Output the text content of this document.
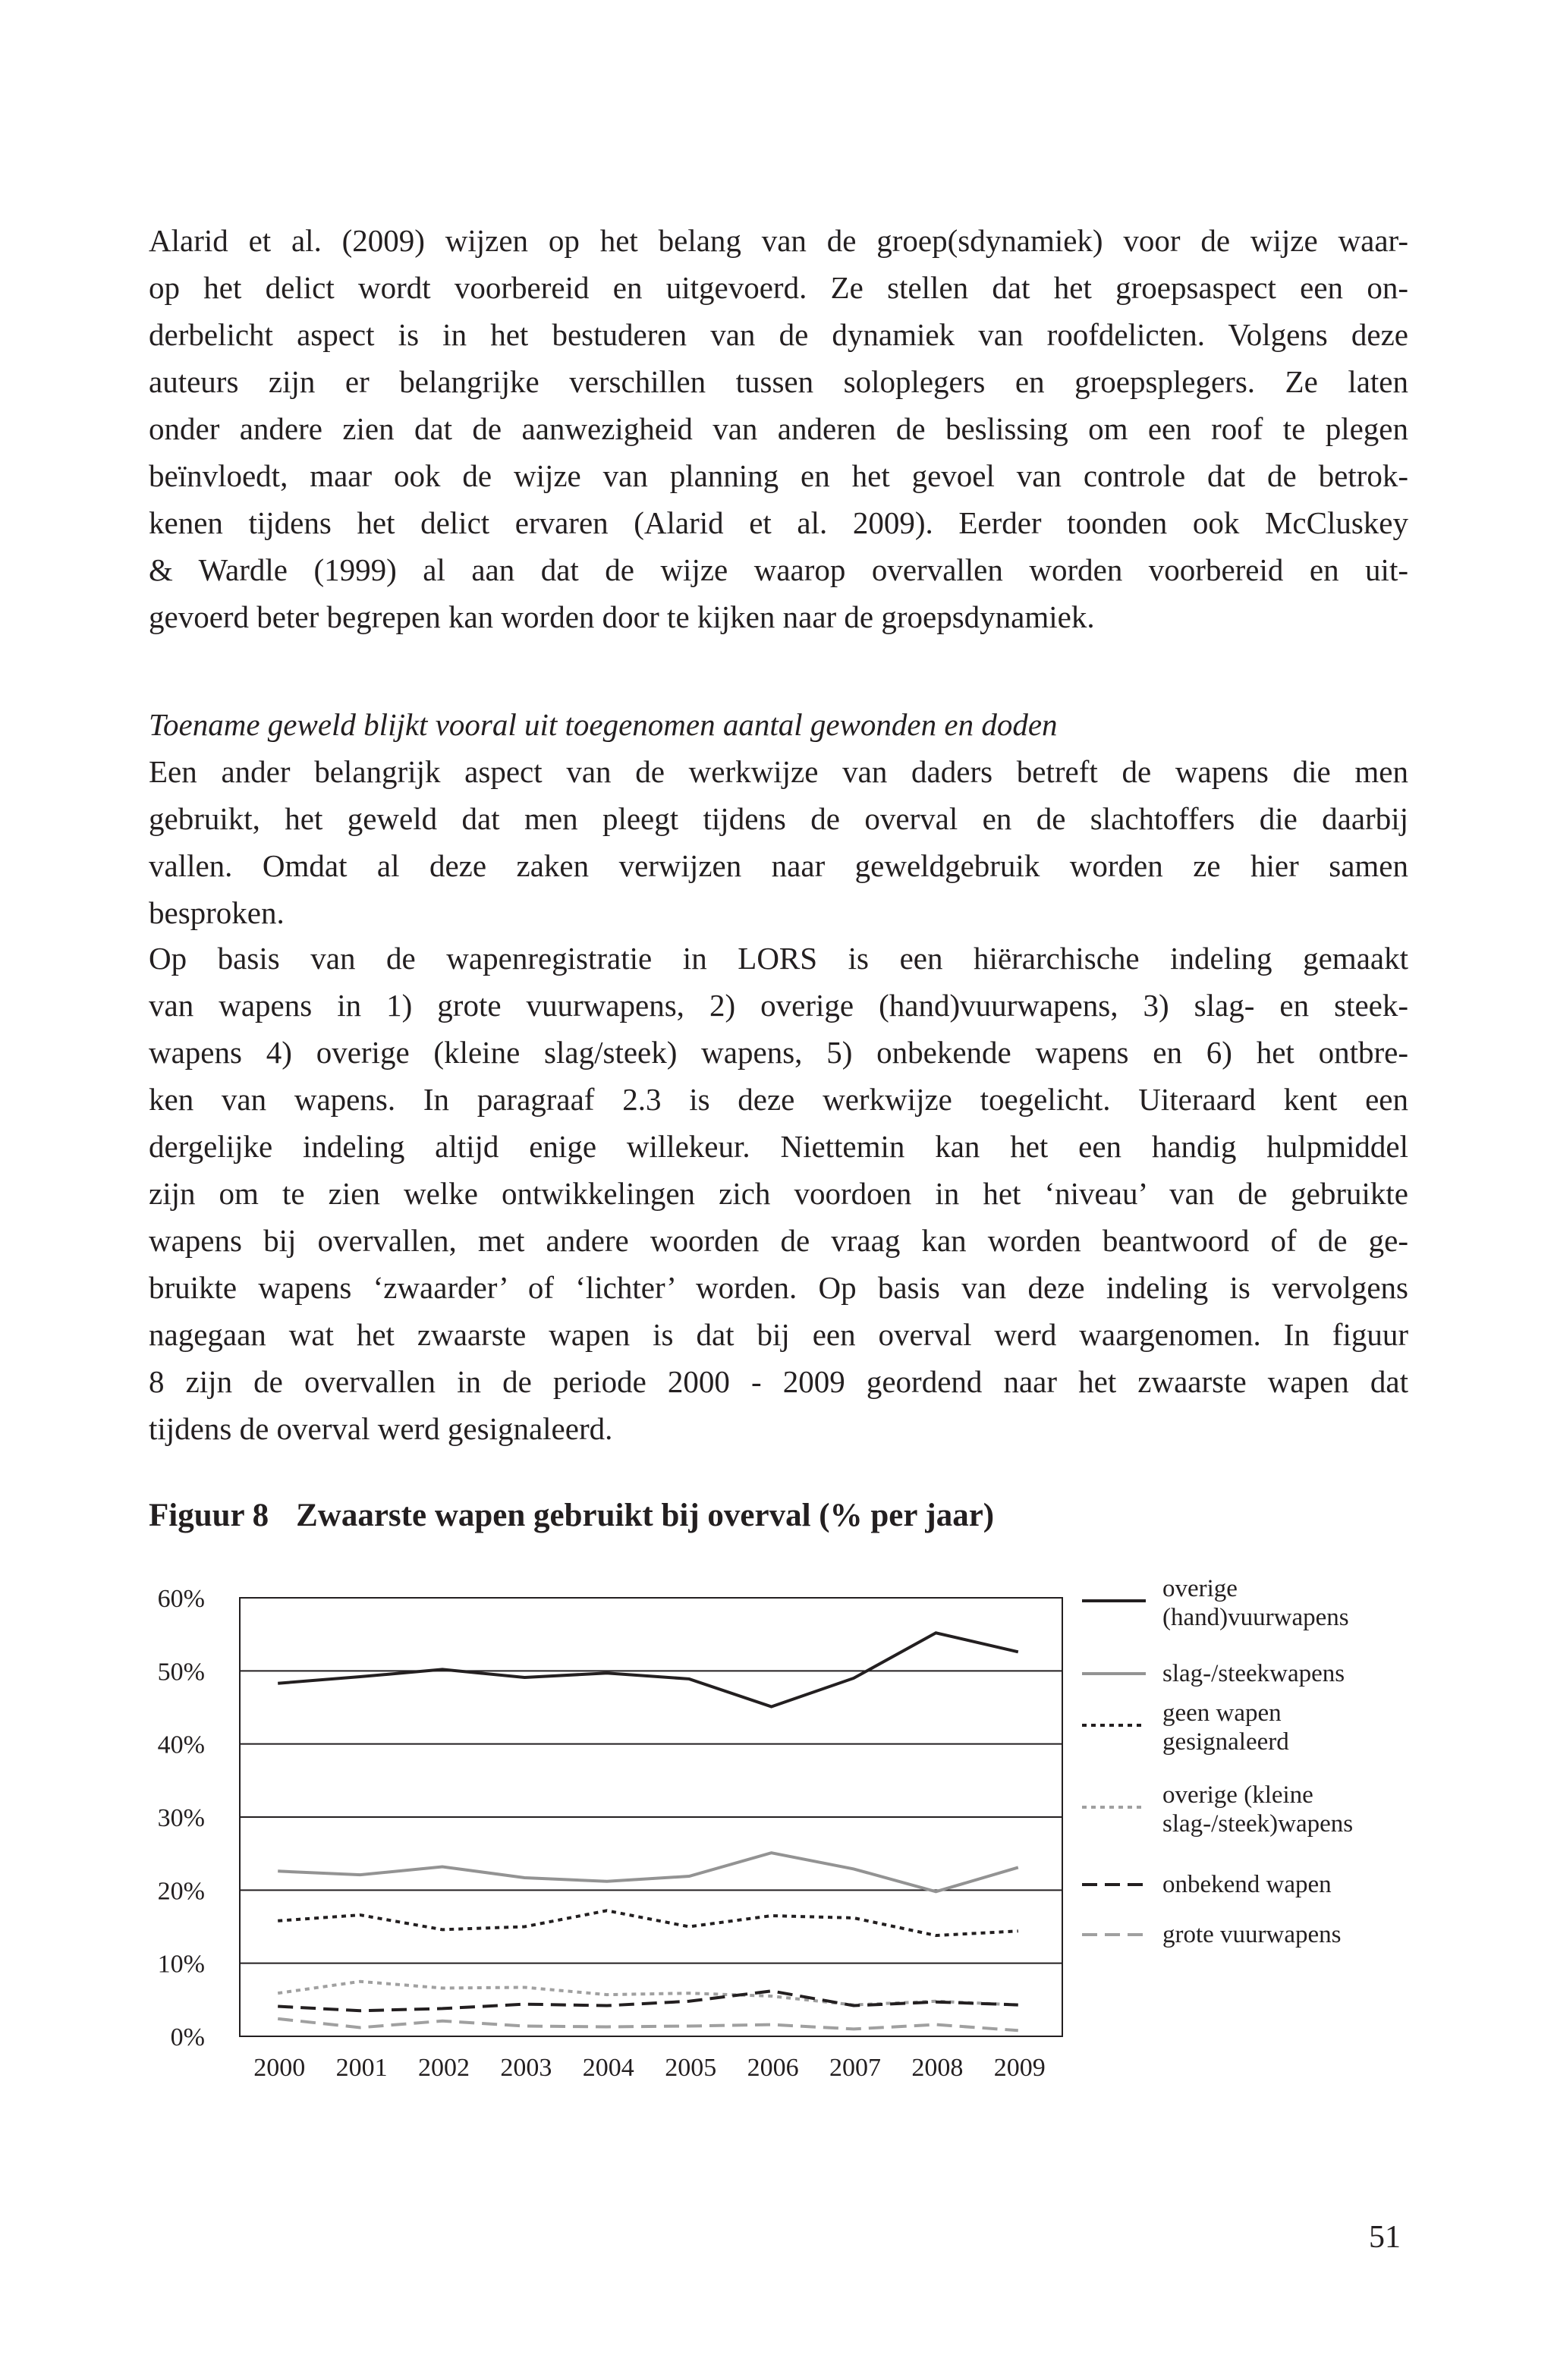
Alarid et al. (2009) wijzen op het belang van de groep(sdynamiek) voor de wijze waar-
op het delict wordt voorbereid en uitgevoerd. Ze stellen dat het groepsaspect een on-
derbelicht aspect is in het bestuderen van de dynamiek van roofdelicten. Volgens deze
auteurs zijn er belangrijke verschillen tussen soloplegers en groepsplegers. Ze laten
onder andere zien dat de aanwezigheid van anderen de beslissing om een roof te plegen
beïnvloedt, maar ook de wijze van planning en het gevoel van controle dat de betrok-
kenen tijdens het delict ervaren (Alarid et al. 2009). Eerder toonden ook McCluskey
& Wardle (1999) al aan dat de wijze waarop overvallen worden voorbereid en uit-
gevoerd beter begrepen kan worden door te kijken naar de groepsdynamiek.
Toename geweld blijkt vooral uit toegenomen aantal gewonden en doden
Een ander belangrijk aspect van de werkwijze van daders betreft de wapens die men
gebruikt, het geweld dat men pleegt tijdens de overval en de slachtoffers die daarbij
vallen. Omdat al deze zaken verwijzen naar geweldgebruik worden ze hier samen
besproken.
Op basis van de wapenregistratie in LORS is een hiërarchische indeling gemaakt
van wapens in 1) grote vuurwapens, 2) overige (hand)vuurwapens, 3) slag- en steek-
wapens 4) overige (kleine slag/steek) wapens, 5) onbekende wapens en 6) het ontbre-
ken van wapens. In paragraaf 2.3 is deze werkwijze toegelicht. Uiteraard kent een
dergelijke indeling altijd enige willekeur. Niettemin kan het een handig hulpmiddel
zijn om te zien welke ontwikkelingen zich voordoen in het ‘niveau’ van de gebruikte
wapens bij overvallen, met andere woorden de vraag kan worden beantwoord of de ge-
bruikte wapens ‘zwaarder’ of ‘lichter’ worden. Op basis van deze indeling is vervolgens
nagegaan wat het zwaarste wapen is dat bij een overval werd waargenomen. In figuur
8 zijn de overvallen in de periode 2000 - 2009 geordend naar het zwaarste wapen dat
tijdens de overval werd gesignaleerd.
Figuur 8 Zwaarste wapen gebruikt bij overval (% per jaar)
0%
10%
20%
30%
40%
50%
60%
2000 2001 2002 2003 2004 2005 2006 2007 2008 2009
overige
(hand)vuurwapens
slag-/steekwapens
geen wapen
gesignaleerd
overige (kleine
slag-/steek)wapens
onbekend wapen
grote vuurwapens
51
